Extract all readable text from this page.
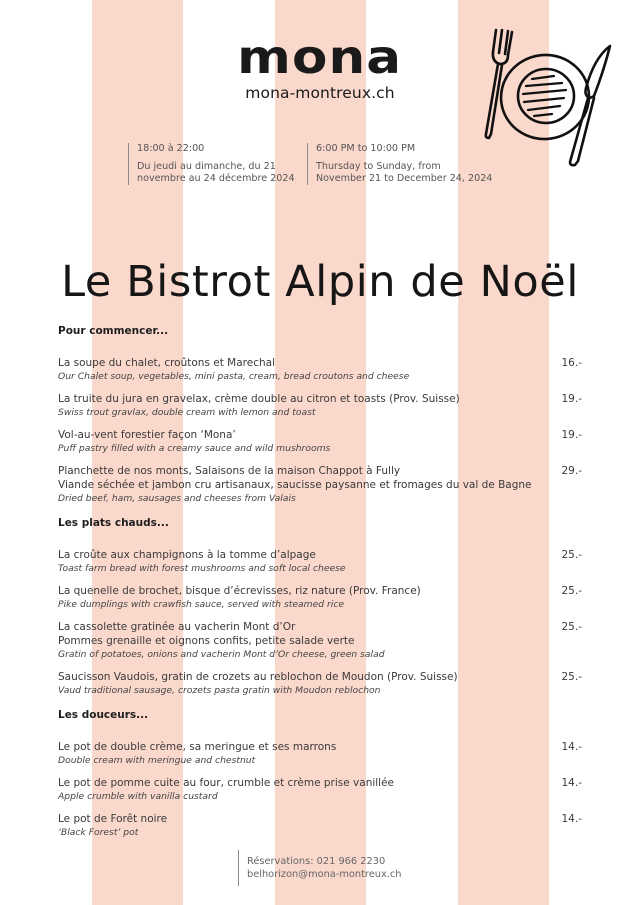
mona
mona-montreux.ch
18:00 à 22:00
Du jeudi au dimanche, du 21
novembre au 24 décembre 2024
6:00 PM to 10:00 PM
Thursday to Sunday, from
November 21 to December 24, 2024
Le Bistrot Alpin de Noël
Pour commencer...
La soupe du chalet, croûtons et Marechal
Our Chalet soup, vegetables, mini pasta, cream, bread croutons and cheese
16.-
La truite du jura en gravelax, crème double au citron et toasts (Prov. Suisse)
Swiss trout gravlax, double cream with lemon and toast
19.-
Vol-au-vent forestier façon ‘Mona’
Puff pastry filled with a creamy sauce and wild mushrooms
19.-
Planchette de nos monts, Salaisons de la maison Chappot à Fully
Viande séchée et jambon cru artisanaux, saucisse paysanne et fromages du val de Bagne
Dried beef, ham, sausages and cheeses from Valais
29.-
Les plats chauds...
La croûte aux champignons à la tomme d’alpage
Toast farm bread with forest mushrooms and soft local cheese
25.-
La quenelle de brochet, bisque d’écrevisses, riz nature (Prov. France)
Pike dumplings with crawfish sauce, served with steamed rice
25.-
La cassolette gratinée au vacherin Mont d’Or
Pommes grenaille et oignons confits, petite salade verte
Gratin of potatoes, onions and vacherin Mont d’Or cheese, green salad
25.-
Saucisson Vaudois, gratin de crozets au reblochon de Moudon (Prov. Suisse)
Vaud traditional sausage, crozets pasta gratin with Moudon reblochon
25.-
Les douceurs...
Le pot de double crème, sa meringue et ses marrons
Double cream with meringue and chestnut
14.-
Le pot de pomme cuite au four, crumble et crème prise vanillée
Apple crumble with vanilla custard
14.-
Le pot de Forêt noire
‘Black Forest’ pot
14.-
Réservations: 021 966 2230
belhorizon@mona-montreux.ch
